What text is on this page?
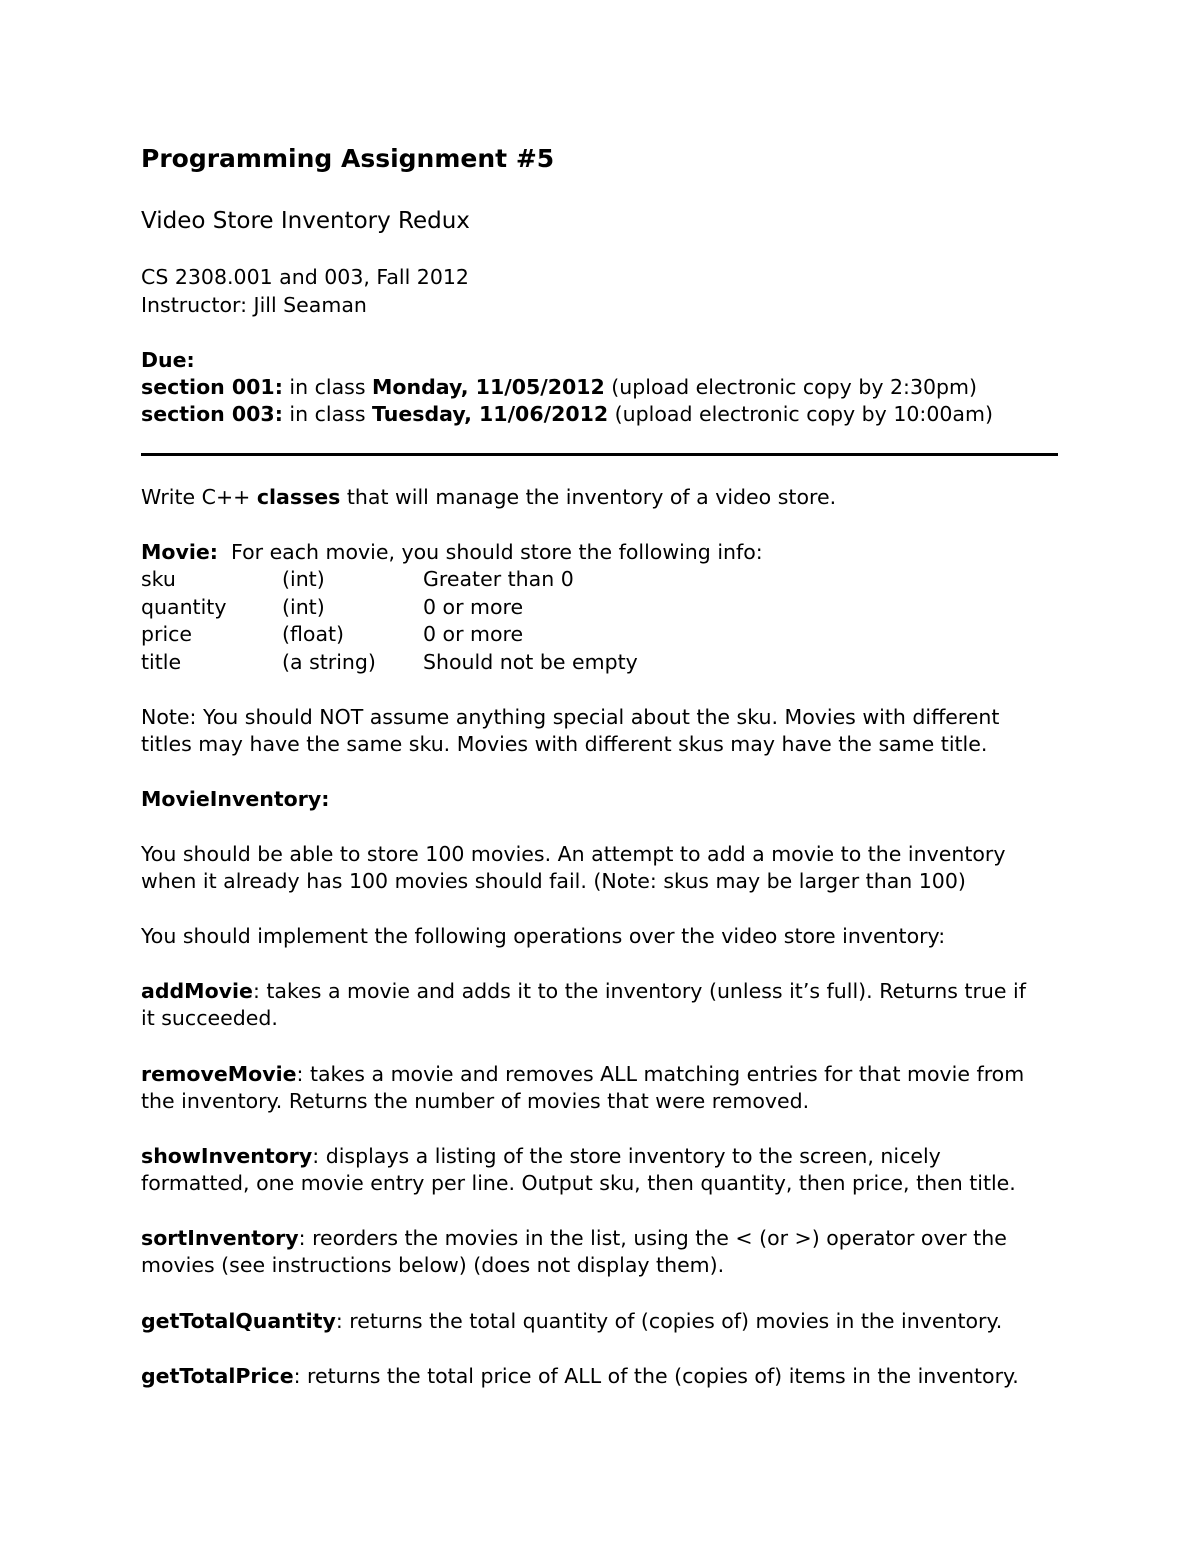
Programming Assignment #5
Video Store Inventory Redux
CS 2308.001 and 003, Fall 2012
Instructor: Jill Seaman
Due:
section 001: in class Monday, 11/05/2012 (upload electronic copy by 2:30pm)
section 003: in class Tuesday, 11/06/2012 (upload electronic copy by 10:00am)
Write C++ classes that will manage the inventory of a video store.
Movie:  For each movie, you should store the following info:
sku	(int)	Greater than 0
quantity	(int)	0 or more
price	(float)	0 or more
title	(a string)	Should not be empty
Note: You should NOT assume anything special about the sku. Movies with different
titles may have the same sku. Movies with different skus may have the same title.
MovieInventory:
You should be able to store 100 movies. An attempt to add a movie to the inventory
when it already has 100 movies should fail. (Note: skus may be larger than 100)
You should implement the following operations over the video store inventory:
addMovie: takes a movie and adds it to the inventory (unless it’s full). Returns true if
it succeeded.
removeMovie: takes a movie and removes ALL matching entries for that movie from
the inventory. Returns the number of movies that were removed.
showInventory: displays a listing of the store inventory to the screen, nicely
formatted, one movie entry per line. Output sku, then quantity, then price, then title.
sortInventory: reorders the movies in the list, using the < (or >) operator over the
movies (see instructions below) (does not display them).
getTotalQuantity: returns the total quantity of (copies of) movies in the inventory.
getTotalPrice: returns the total price of ALL of the (copies of) items in the inventory.
